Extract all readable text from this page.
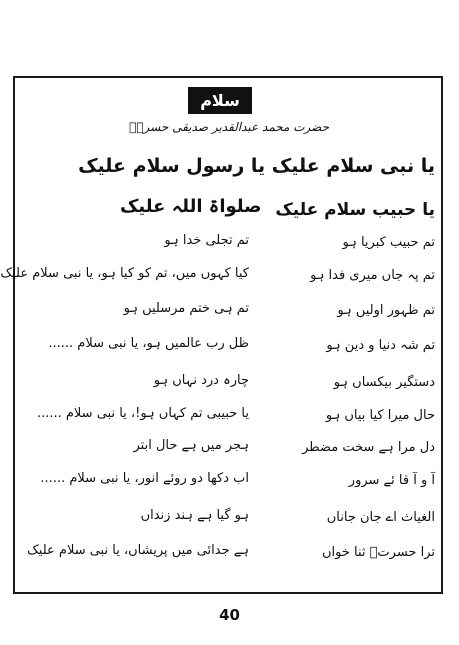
سلام
حضرت محمد عبدالقدیر صدیقی حسرتؔ
یا نبی سلام علیک یا رسول سلام علیک
یا حبیب سلام علیک
صلواۃ اللہ علیک
تم حبیب کبریا ہو
تم تجلی خدا ہو
تم پہ جاں میری فدا ہو
کیا کہوں میں، تم کو کیا ہو، یا نبی سلام علیک
تم ظہور اولیں ہو
تم ہی ختم مرسلیں ہو
تم شہ دنیا و دین ہو
ظل رب عالمیں ہو، یا نبی سلام ......
دستگیر بیکساں ہو
چارہ درد نہاں ہو
حال میرا کیا بیاں ہو
یا حبیبی تم کہاں ہو!، یا نبی سلام ......
دل مرا ہے سخت مضطر
ہجر میں ہے حال ابتر
آ و آ قا ئے سرور
اب دکھا دو روئے انور، یا نبی سلام ......
الغیاث اے جان جاناں
ہو گیا ہے ہند زنداں
ترا حسرتؔ ثنا خواں
ہے جدائی میں پریشاں، یا نبی سلام علیک
40
